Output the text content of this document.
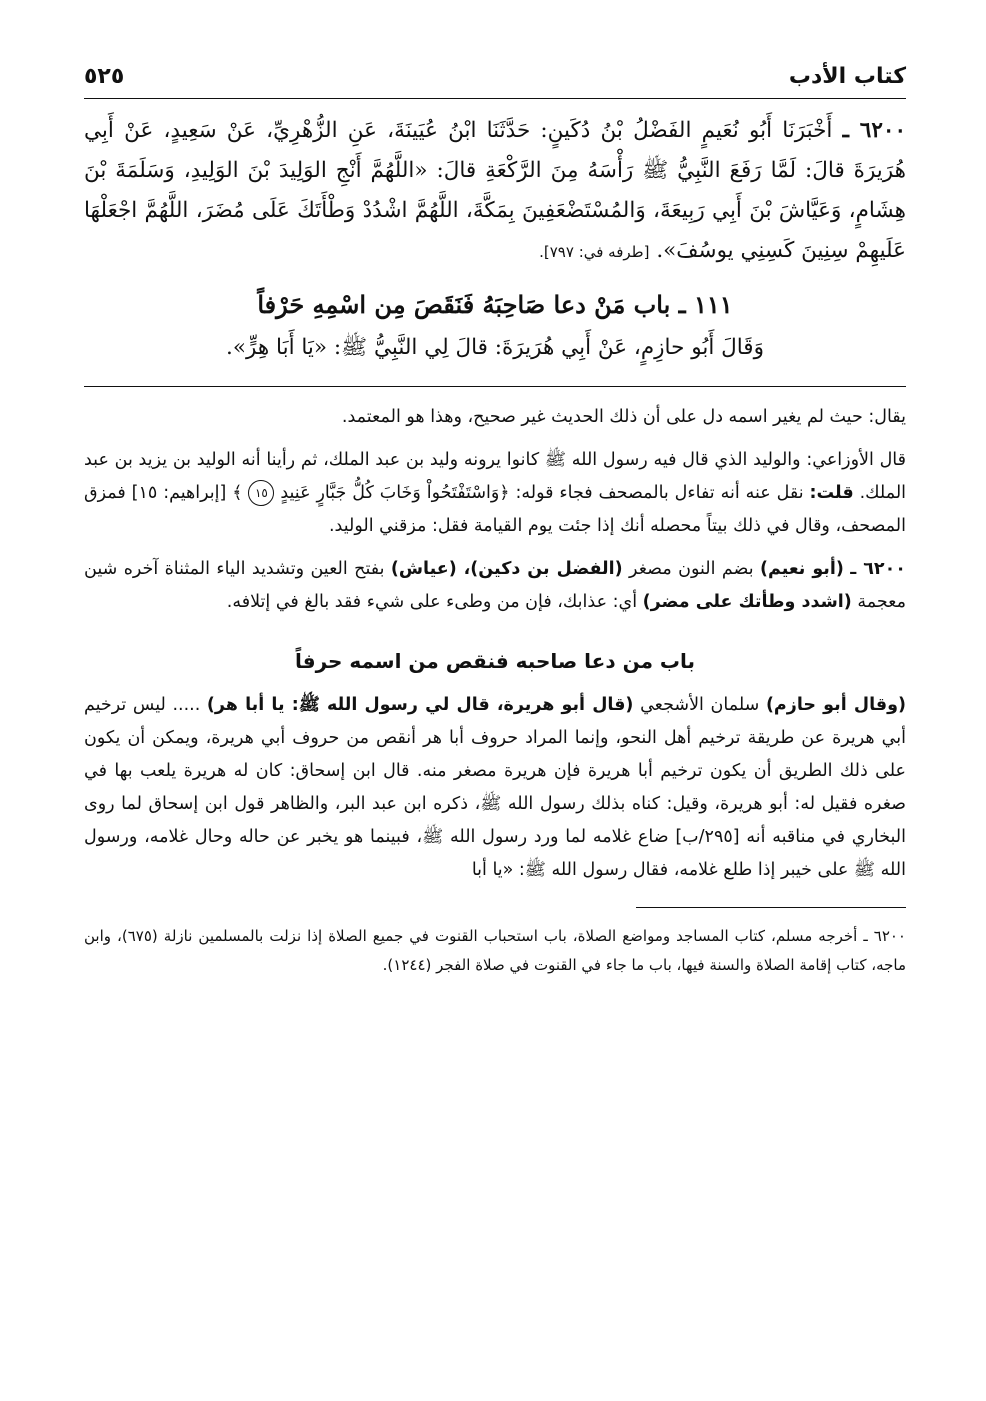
كتاب الأدب
٥٢٥

٦٢٠٠ ـ أَخْبَرَنَا أَبُو نُعَيمٍ الفَضْلُ بْنُ دُكَينٍ: حَدَّثَنَا ابْنُ عُيَينَةَ، عَنِ الزُّهْرِيِّ، عَنْ سَعِيدٍ، عَنْ أَبِي هُرَيرَةَ قالَ: لَمَّا رَفَعَ النَّبِيُّ ﷺ رَأْسَهُ مِنَ الرَّكْعَةِ قالَ: «اللَّهُمَّ أَنْجِ الوَلِيدَ بْنَ الوَلِيدِ، وَسَلَمَةَ بْنَ هِشَامٍ، وَعَيَّاشَ بْنَ أَبِي رَبِيعَةَ، وَالمُسْتَضْعَفِينَ بِمَكَّةَ، اللَّهُمَّ اشْدُدْ وَطْأَتَكَ عَلَى مُضَرَ، اللَّهُمَّ اجْعَلْهَا عَلَيهِمْ سِنِينَ كَسِنِي يوسُفَ». [طرفه في: ٧٩٧].

١١١ ـ باب مَنْ دعا صَاحِبَهُ فَنَقَصَ مِن اسْمِهِ حَرْفاً

وَقَالَ أَبُو حازِمٍ، عَنْ أَبِي هُرَيرَةَ: قالَ لِي النَّبِيُّ ﷺ: «يَا أَبَا هِرٍّ».

يقال: حيث لم يغير اسمه دل على أن ذلك الحديث غير صحيح، وهذا هو المعتمد.

قال الأوزاعي: والوليد الذي قال فيه رسول الله ﷺ كانوا يرونه وليد بن عبد الملك، ثم رأينا أنه الوليد بن يزيد بن عبد الملك. قلت: نقل عنه أنه تفاءل بالمصحف فجاء قوله: ﴿وَاسْتَفْتَحُواْ وَخَابَ كُلُّ جَبَّارٍ عَنِيدٍ ١٥ ﴾ [إبراهيم: ١٥] فمزق المصحف، وقال في ذلك بيتاً محصله أنك إذا جئت يوم القيامة فقل: مزقني الوليد.

٦٢٠٠ ـ (أبو نعيم) بضم النون مصغر (الفضل بن دكين)، (عياش) بفتح العين وتشديد الياء المثناة آخره شين معجمة (اشدد وطأتك على مضر) أي: عذابك، فإن من وطىء على شيء فقد بالغ في إتلافه.

باب من دعا صاحبه فنقص من اسمه حرفاً

(وقال أبو حازم) سلمان الأشجعي (قال أبو هريرة، قال لي رسول الله ﷺ: يا أبا هر) ..... ليس ترخيم أبي هريرة عن طريقة ترخيم أهل النحو، وإنما المراد حروف أبا هر أنقص من حروف أبي هريرة، ويمكن أن يكون على ذلك الطريق أن يكون ترخيم أبا هريرة فإن هريرة مصغر منه. قال ابن إسحاق: كان له هريرة يلعب بها في صغره فقيل له: أبو هريرة، وقيل: كناه بذلك رسول الله ﷺ، ذكره ابن عبد البر، والظاهر قول ابن إسحاق لما روى البخاري في مناقبه أنه [٢٩٥/ب] ضاع غلامه لما ورد رسول الله ﷺ، فبينما هو يخبر عن حاله وحال غلامه، ورسول الله ﷺ على خيبر إذا طلع غلامه، فقال رسول الله ﷺ: «يا أبا

٦٢٠٠ ـ أخرجه مسلم، كتاب المساجد ومواضع الصلاة، باب استحباب القنوت في جميع الصلاة إذا نزلت بالمسلمين نازلة (٦٧٥)، وابن ماجه، كتاب إقامة الصلاة والسنة فيها، باب ما جاء في القنوت في صلاة الفجر (١٢٤٤).
